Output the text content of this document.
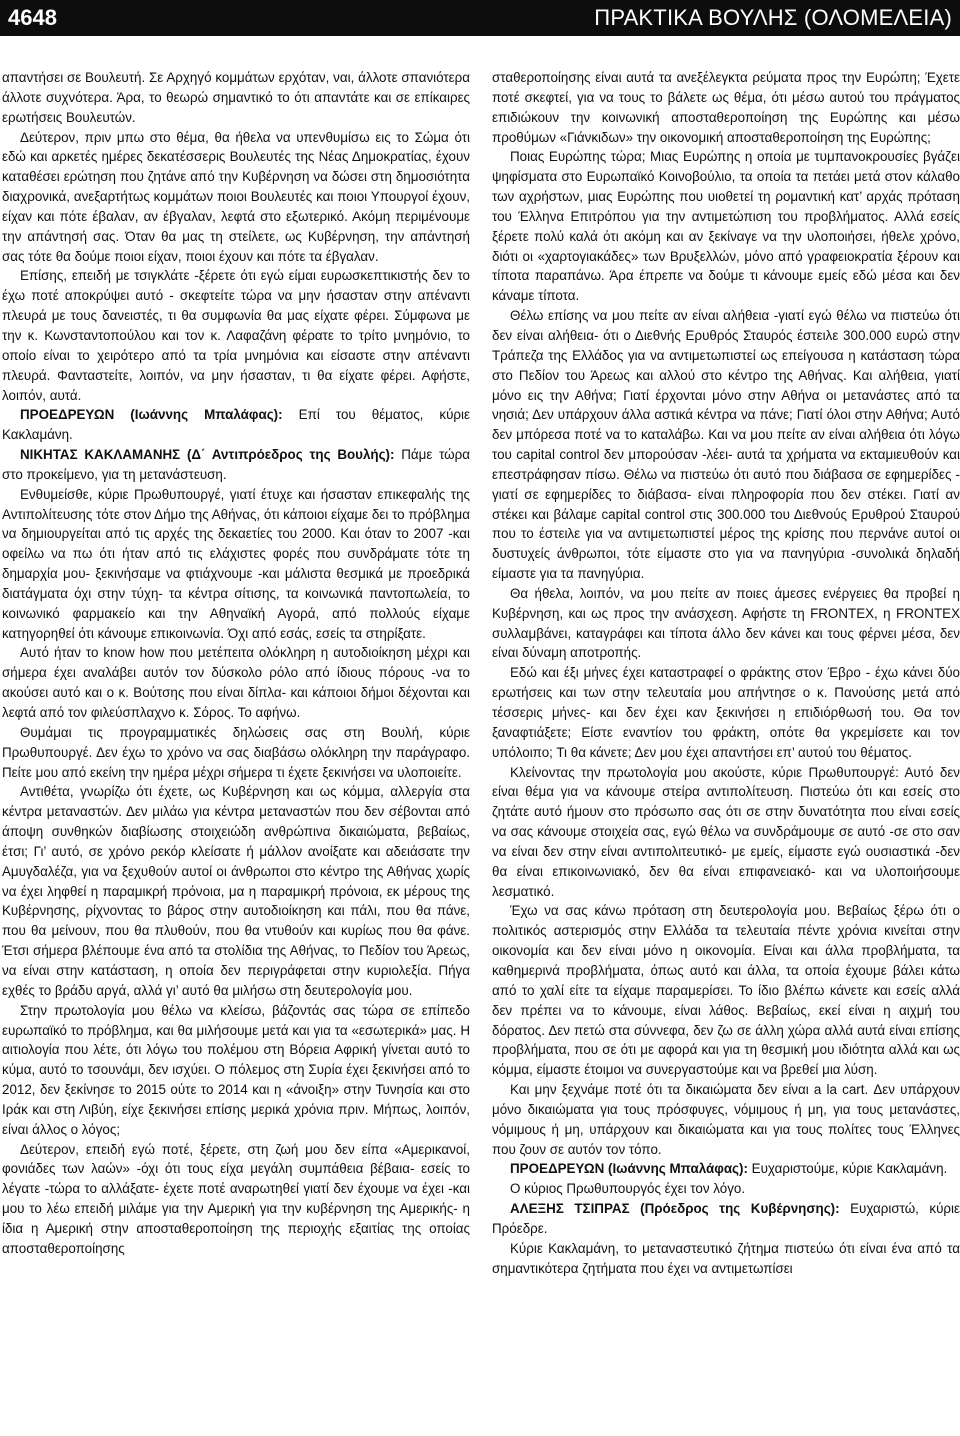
4648	ΠΡΑΚΤΙΚΑ ΒΟΥΛΗΣ (ΟΛΟΜΕΛΕΙΑ)

απαντήσει σε Βουλευτή. Σε Αρχηγό κομμάτων ερχόταν, ναι, άλλοτε σπανιότερα άλλοτε συχνότερα. Άρα, το θεωρώ σημαντικό το ότι απαντάτε και σε επίκαιρες ερωτήσεις Βουλευτών.

Δεύτερον, πριν μπω στο θέμα, θα ήθελα να υπενθυμίσω εις το Σώμα ότι εδώ και αρκετές ημέρες δεκατέσσερις Βουλευτές της Νέας Δημοκρατίας, έχουν καταθέσει ερώτηση που ζητάνε από την Κυβέρνηση να δώσει στη δημοσιότητα διαχρονικά, ανεξαρτήτως κομμάτων ποιοι Βουλευτές και ποιοι Υπουργοί έχουν, είχαν και πότε έβαλαν, αν έβγαλαν, λεφτά στο εξωτερικό. Ακόμη περιμένουμε την απάντησή σας. Όταν θα μας τη στείλετε, ως Κυβέρνηση, την απάντησή σας τότε θα δούμε ποιοι είχαν, ποιοι έχουν και πότε τα έβγαλαν.

Επίσης, επειδή με τσιγκλάτε -ξέρετε ότι εγώ είμαι ευρωσκεπτικιστής δεν το έχω ποτέ αποκρύψει αυτό - σκεφτείτε τώρα να μην ήσασταν στην απέναντι πλευρά με τους δανειστές, τι θα συμφωνία θα μας είχατε φέρει. Σύμφωνα με την κ. Κωνσταντοπούλου και τον κ. Λαφαζάνη φέρατε το τρίτο μνημόνιο, το οποίο είναι το χειρότερο από τα τρία μνημόνια και είσαστε στην απέναντι πλευρά. Φανταστείτε, λοιπόν, να μην ήσασταν, τι θα είχατε φέρει. Αφήστε, λοιπόν, αυτά.

ΠΡΟΕΔΡΕΥΩΝ (Ιωάννης Μπαλάφας): Επί του θέματος, κύριε Κακλαμάνη.

ΝΙΚΗΤΑΣ ΚΑΚΛΑΜΑΝΗΣ (Δ΄ Αντιπρόεδρος της Βουλής): Πάμε τώρα στο προκείμενο, για τη μετανάστευση.

Ενθυμείσθε, κύριε Πρωθυπουργέ, γιατί έτυχε και ήσασταν επικεφαλής της Αντιπολίτευσης τότε στον Δήμο της Αθήνας, ότι κάποιοι είχαμε δει το πρόβλημα να δημιουργείται από τις αρχές της δεκαετίες του 2000. Και όταν το 2007 -και οφείλω να πω ότι ήταν από τις ελάχιστες φορές που συνδράματε τότε τη δημαρχία μου- ξεκινήσαμε να φτιάχνουμε -και μάλιστα θεσμικά με προεδρικά διατάγματα όχι στην τύχη- τα κέντρα σίτισης, τα κοινωνικά παντοπωλεία, το κοινωνικό φαρμακείο και την Αθηναϊκή Αγορά, από πολλούς είχαμε κατηγορηθεί ότι κάνουμε επικοινωνία. Όχι από εσάς, εσείς τα στηρίξατε.

Αυτό ήταν το know how που μετέπειτα ολόκληρη η αυτοδιοίκηση μέχρι και σήμερα έχει αναλάβει αυτόν τον δύσκολο ρόλο από ίδιους πόρους -να το ακούσει αυτό και ο κ. Βούτσης που είναι δίπλα- και κάποιοι δήμοι δέχονται και λεφτά από τον φιλεύσπλαχνο κ. Σόρος. Το αφήνω.

Θυμάμαι τις προγραμματικές δηλώσεις σας στη Βουλή, κύριε Πρωθυπουργέ. Δεν έχω το χρόνο να σας διαβάσω ολόκληρη την παράγραφο. Πείτε μου από εκείνη την ημέρα μέχρι σήμερα τι έχετε ξεκινήσει να υλοποιείτε.

Αντιθέτα, γνωρίζω ότι έχετε, ως Κυβέρνηση και ως κόμμα, αλλεργία στα κέντρα μεταναστών. Δεν μιλάω για κέντρα μεταναστών που δεν σέβονται από άποψη συνθηκών διαβίωσης στοιχειώδη ανθρώπινα δικαιώματα, βεβαίως, έτσι; Γι’ αυτό, σε χρόνο ρεκόρ κλείσατε ή μάλλον ανοίξατε και αδειάσατε την Αμυγδαλέζα, για να ξεχυθούν αυτοί οι άνθρωποι στο κέντρο της Αθήνας χωρίς να έχει ληφθεί η παραμικρή πρόνοια, μα η παραμικρή πρόνοια, εκ μέρους της Κυβέρνησης, ρίχνοντας το βάρος στην αυτοδιοίκηση και πάλι, που θα πάνε, που θα μείνουν, που θα πλυθούν, που θα ντυθούν και κυρίως που θα φάνε. Έτσι σήμερα βλέπουμε ένα από τα στολίδια της Αθήνας, το Πεδίον του Άρεως, να είναι στην κατάσταση, η οποία δεν περιγράφεται στην κυριολεξία. Πήγα εχθές το βράδυ αργά, αλλά γι’ αυτό θα μιλήσω στη δευτερολογία μου.

Στην πρωτολογία μου θέλω να κλείσω, βάζοντάς σας τώρα σε επίπεδο ευρωπαϊκό το πρόβλημα, και θα μιλήσουμε μετά και για τα «εσωτερικά» μας. Η αιτιολογία που λέτε, ότι λόγω του πολέμου στη Βόρεια Αφρική γίνεται αυτό το κύμα, αυτό το τσουνάμι, δεν ισχύει. Ο πόλεμος στη Συρία έχει ξεκινήσει από το 2012, δεν ξεκίνησε το 2015 ούτε το 2014 και η «άνοιξη» στην Τυνησία και στο Ιράκ και στη Λιβύη, είχε ξεκινήσει επίσης μερικά χρόνια πριν. Μήπως, λοιπόν, είναι άλλος ο λόγος;

Δεύτερον, επειδή εγώ ποτέ, ξέρετε, στη ζωή μου δεν είπα «Αμερικανοί, φονιάδες των λαών» -όχι ότι τους είχα μεγάλη συμπάθεια βέβαια- εσείς το λέγατε -τώρα το αλλάξατε- έχετε ποτέ αναρωτηθεί γιατί δεν έχουμε να έχει -και μου το λέω επειδή μιλάμε για την Αμερική για την κυβέρνηση της Αμερικής- η ίδια η Αμερική στην αποσταθεροποίηση της περιοχής εξαιτίας της οποίας αποσταθεροποίησης

σταθεροποίησης είναι αυτά τα ανεξέλεγκτα ρεύματα προς την Ευρώπη; Έχετε ποτέ σκεφτεί, για να τους το βάλετε ως θέμα, ότι μέσω αυτού του πράγματος επιδιώκουν την κοινωνική αποσταθεροποίηση της Ευρώπης και μέσω προθύμων «Γιάνκιδων» την οικονομική αποσταθεροποίηση της Ευρώπης;

Ποιας Ευρώπης τώρα; Μιας Ευρώπης η οποία με τυμπανοκρουσίες βγάζει ψηφίσματα στο Ευρωπαϊκό Κοινοβούλιο, τα οποία τα πετάει μετά στον κάλαθο των αχρήστων, μιας Ευρώπης που υιοθετεί τη ρομαντική κατ’ αρχάς πρόταση του Έλληνα Επιτρόπου για την αντιμετώπιση του προβλήματος. Αλλά εσείς ξέρετε πολύ καλά ότι ακόμη και αν ξεκίναγε να την υλοποιήσει, ήθελε χρόνο, διότι οι «χαρτογιακάδες» των Βρυξελλών, μόνο από γραφειοκρατία ξέρουν και τίποτα παραπάνω. Άρα έπρεπε να δούμε τι κάνουμε εμείς εδώ μέσα και δεν κάναμε τίποτα.

Θέλω επίσης να μου πείτε αν είναι αλήθεια -γιατί εγώ θέλω να πιστεύω ότι δεν είναι αλήθεια- ότι ο Διεθνής Ερυθρός Σταυρός έστειλε 300.000 ευρώ στην Τράπεζα της Ελλάδος για να αντιμετωπιστεί ως επείγουσα η κατάσταση τώρα στο Πεδίον του Άρεως και αλλού στο κέντρο της Αθήνας. Και αλήθεια, γιατί μόνο εις την Αθήνα; Γιατί έρχονται μόνο στην Αθήνα οι μετανάστες από τα νησιά; Δεν υπάρχουν άλλα αστικά κέντρα να πάνε; Γιατί όλοι στην Αθήνα; Αυτό δεν μπόρεσα ποτέ να το καταλάβω. Και να μου πείτε αν είναι αλήθεια ότι λόγω του capital control δεν μπορούσαν -λέει- αυτά τα χρήματα να εκταμιευθούν και επεστράφησαν πίσω. Θέλω να πιστεύω ότι αυτό που διάβασα σε εφημερίδες - γιατί σε εφημερίδες το διάβασα- είναι πληροφορία που δεν στέκει. Γιατί αν στέκει και βάλαμε capital control στις 300.000 του Διεθνούς Ερυθρού Σταυρού που το έστειλε για να αντιμετωπιστεί μέρος της κρίσης που περνάνε αυτοί οι δυστυχείς άνθρωποι, τότε είμαστε στο για να πανηγύρια -συνολικά δηλαδή είμαστε για τα πανηγύρια.

Θα ήθελα, λοιπόν, να μου πείτε αν ποιες άμεσες ενέργειες θα προβεί η Κυβέρνηση, και ως προς την ανάσχεση. Αφήστε τη FRONTEX, η FRONTEX συλλαμβάνει, καταγράφει και τίποτα άλλο δεν κάνει και τους φέρνει μέσα, δεν είναι δύναμη αποτροπής.

Εδώ και έξι μήνες έχει καταστραφεί ο φράκτης στον Έβρο - έχω κάνει δύο ερωτήσεις και των στην τελευταία μου απήντησε ο κ. Πανούσης μετά από τέσσερις μήνες- και δεν έχει καν ξεκινήσει η επιδιόρθωσή του. Θα τον ξαναφτιάξετε; Είστε εναντίον του φράκτη, οπότε θα γκρεμίσετε και τον υπόλοιπο; Τι θα κάνετε; Δεν μου έχει απαντήσει επ’ αυτού του θέματος.

Κλείνοντας την πρωτολογία μου ακούστε, κύριε Πρωθυπουργέ: Αυτό δεν είναι θέμα για να κάνουμε στείρα αντιπολίτευση. Πιστεύω ότι και εσείς στο ζητάτε αυτό ήμουν στο πρόσωπο σας ότι σε στην δυνατότητα που είναι εσείς να σας κάνουμε στοιχεία σας, εγώ θέλω να συνδράμουμε σε αυτό -σε στο σαν να είναι δεν στην είναι αντιπολιτευτικό- με εμείς, είμαστε εγώ ουσιαστικά -δεν θα είναι επικοινωνιακό, δεν θα είναι επιφανειακό- και να υλοποιήσουμε λεσματικό.

Έχω να σας κάνω πρόταση στη δευτερολογία μου. Βεβαίως ξέρω ότι ο πολιτικός αστερισμός στην Ελλάδα τα τελευταία πέντε χρόνια κινείται στην οικονομία και δεν είναι μόνο η οικονομία. Είναι και άλλα προβλήματα, τα καθημερινά προβλήματα, όπως αυτό και άλλα, τα οποία έχουμε βάλει κάτω από το χαλί είτε τα είχαμε παραμερίσει. Το ίδιο βλέπω κάνετε και εσείς αλλά δεν πρέπει να το κάνουμε, είναι λάθος. Βεβαίως, εκεί είναι η αιχμή του δόρατος. Δεν πετώ στα σύννεφα, δεν ζω σε άλλη χώρα αλλά αυτά είναι επίσης προβλήματα, που σε ότι με αφορά και για τη θεσμική μου ιδιότητα αλλά και ως κόμμα, είμαστε έτοιμοι να συνεργαστούμε και να βρεθεί μια λύση.

Και μην ξεχνάμε ποτέ ότι τα δικαιώματα δεν είναι a la cart. Δεν υπάρχουν μόνο δικαιώματα για τους πρόσφυγες, νόμιμους ή μη, για τους μετανάστες, νόμιμους ή μη, υπάρχουν και δικαιώματα και για τους πολίτες τους Έλληνες που ζουν σε αυτόν τον τόπο.

ΠΡΟΕΔΡΕΥΩΝ (Ιωάννης Μπαλάφας): Ευχαριστούμε, κύριε Κακλαμάνη.

Ο κύριος Πρωθυπουργός έχει τον λόγο.

ΑΛΕΞΗΣ ΤΣΙΠΡΑΣ (Πρόεδρος της Κυβέρνησης): Ευχαριστώ, κύριε Πρόεδρε.

Κύριε Κακλαμάνη, το μεταναστευτικό ζήτημα πιστεύω ότι είναι ένα από τα σημαντικότερα ζητήματα που έχει να αντιμετωπίσει
